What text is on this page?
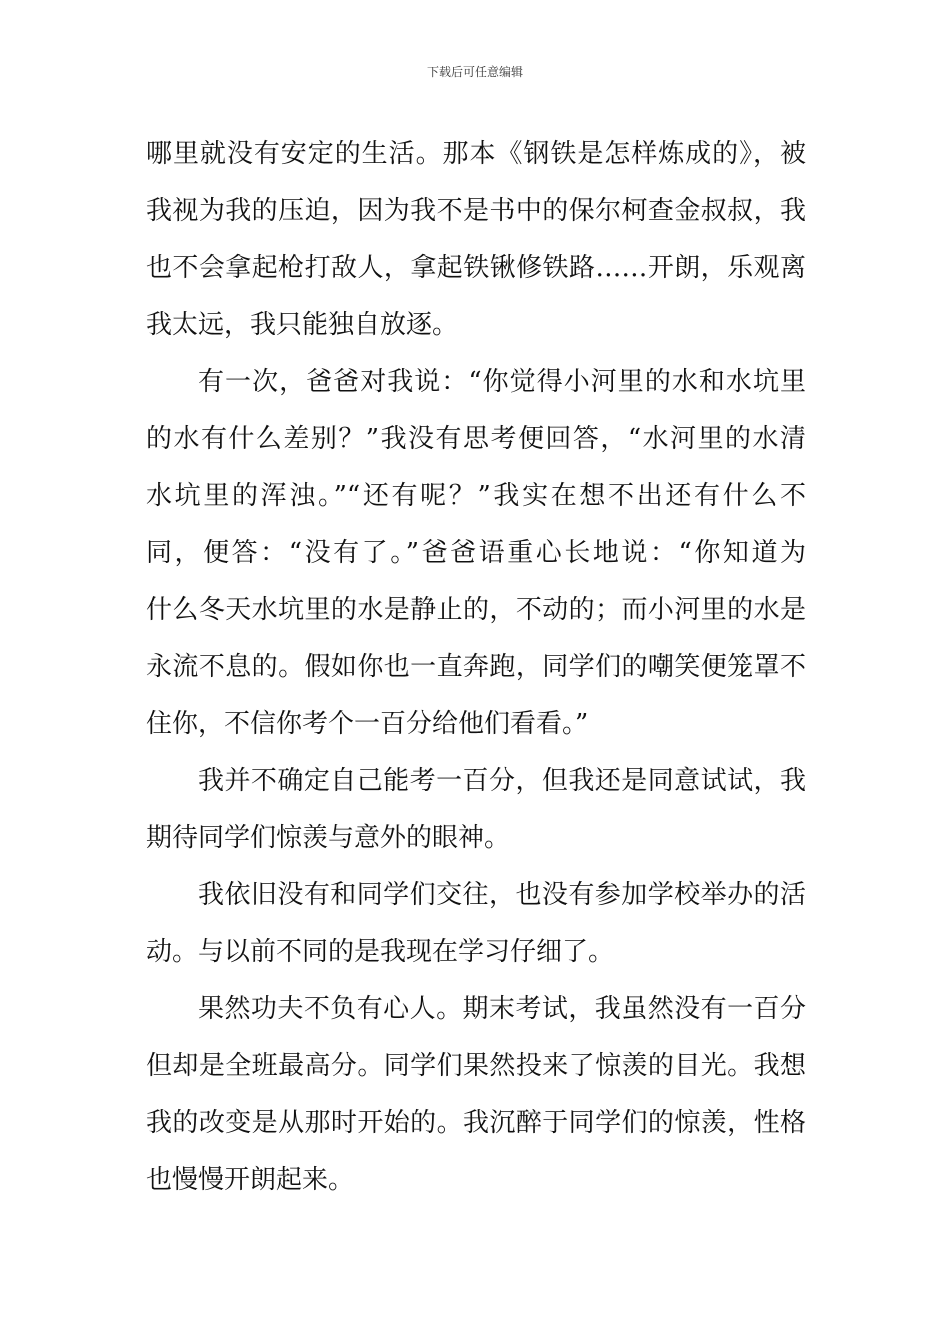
下载后可任意编辑
哪里就没有安定的生活。那本《钢铁是怎样炼成的》，被
我视为我的压迫，因为我不是书中的保尔柯查金叔叔，我
也不会拿起枪打敌人，拿起铁锹修铁路……开朗，乐观离
我太远，我只能独自放逐。
有一次，爸爸对我说：“你觉得小河里的水和水坑里
的水有什么差别？”我没有思考便回答，“水河里的水清
水坑里的浑浊。”“还有呢？”我实在想不出还有什么不
同，便答：“没有了。”爸爸语重心长地说：“你知道为
什么冬天水坑里的水是静止的，不动的；而小河里的水是
永流不息的。假如你也一直奔跑，同学们的嘲笑便笼罩不
住你，不信你考个一百分给他们看看。”
我并不确定自己能考一百分，但我还是同意试试，我
期待同学们惊羡与意外的眼神。
我依旧没有和同学们交往，也没有参加学校举办的活
动。与以前不同的是我现在学习仔细了。
果然功夫不负有心人。期末考试，我虽然没有一百分
但却是全班最高分。同学们果然投来了惊羡的目光。我想
我的改变是从那时开始的。我沉醉于同学们的惊羡，性格
也慢慢开朗起来。
